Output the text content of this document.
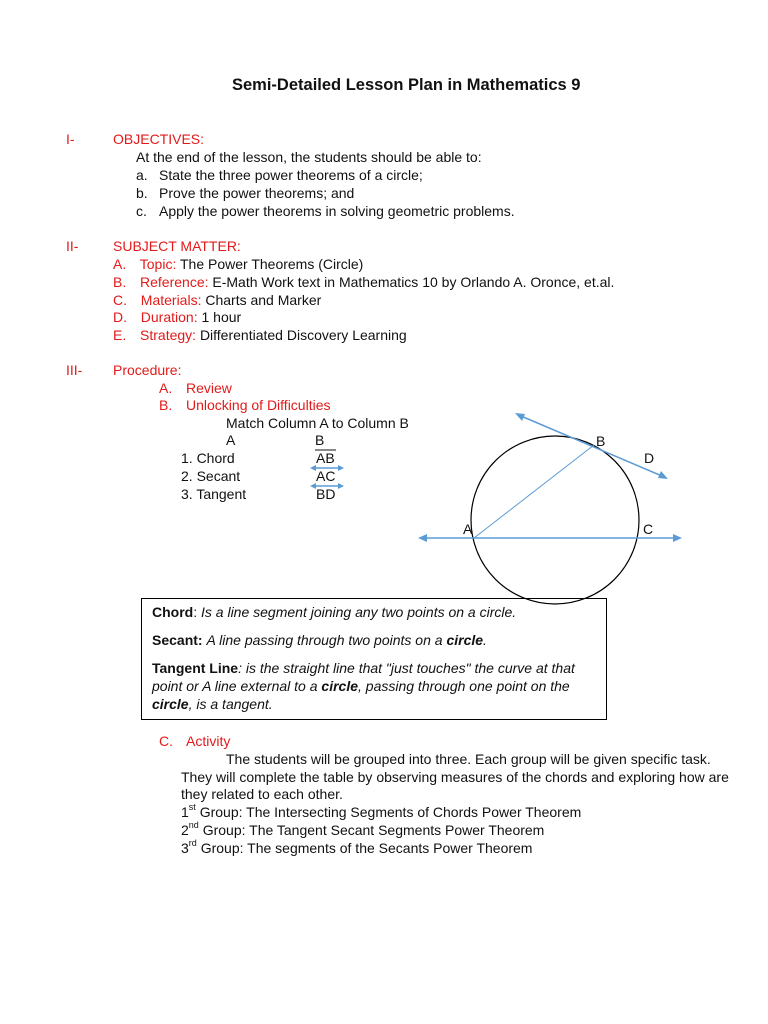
Semi-Detailed Lesson Plan in Mathematics 9
I-	OBJECTIVES:
At the end of the lesson, the students should be able to:
a. State the three power theorems of a circle;
b. Prove the power theorems; and
c. Apply the power theorems in solving geometric problems.
II- SUBJECT MATTER:
A. Topic: The Power Theorems (Circle)
B. Reference: E-Math Work text in Mathematics 10 by Orlando A. Oronce, et.al.
C. Materials: Charts and Marker
D. Duration: 1 hour
E. Strategy: Differentiated Discovery Learning
III- Procedure:
A. Review
B. Unlocking of Difficulties
Match Column A to Column B
A	B
1. Chord
2. Secant
3. Tangent
AB
AC
BD
A
B
C
D
Chord: Is a line segment joining any two points on a circle.
Secant: A line passing through two points on a circle.
Tangent Line: is the straight line that "just touches" the curve at that
point or A line external to a circle, passing through one point on the
circle, is a tangent.
C. Activity
The students will be grouped into three. Each group will be given specific task.
They will complete the table by observing measures of the chords and exploring how are
they related to each other.
1st Group: The Intersecting Segments of Chords Power Theorem
2nd Group: The Tangent Secant Segments Power Theorem
3rd Group: The segments of the Secants Power Theorem
